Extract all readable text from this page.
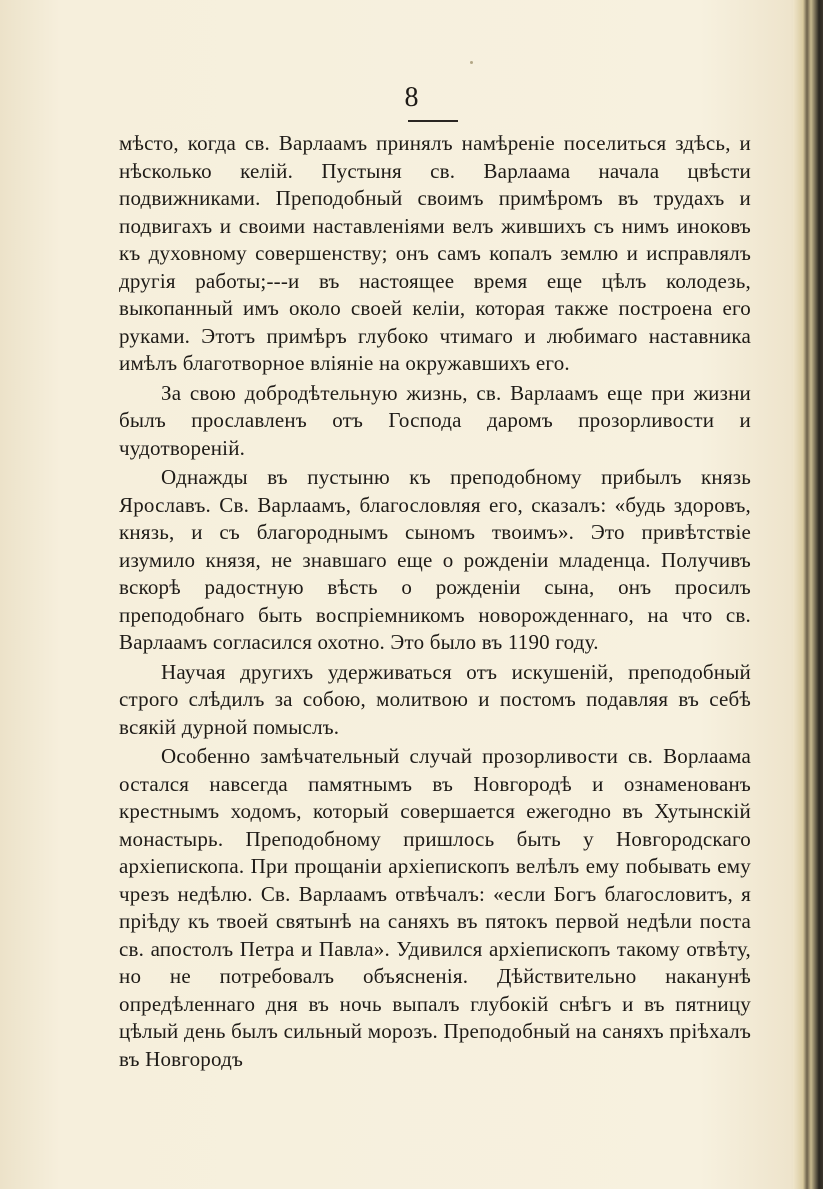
8

мѣсто, когда св. Варлаамъ принялъ намѣреніе поселиться здѣсь, и нѣсколько келій. Пустыня св. Варлаама начала цвѣсти подвижниками. Преподобный своимъ примѣромъ въ трудахъ и подвигахъ и своими наставленіями велъ жившихъ съ нимъ иноковъ къ духовному совершенству; онъ самъ копалъ землю и исправлялъ другія работы;---и въ настоящее время еще цѣлъ колодезь, выкопанный имъ около своей келіи, которая также построена его руками. Этотъ примѣръ глубоко чтимаго и любимаго наставника имѣлъ благотворное вліяніе на окружавшихъ его.

За свою добродѣтельную жизнь, св. Варлаамъ еще при жизни былъ прославленъ отъ Господа даромъ прозорливости и чудотвореній.

Однажды въ пустыню къ преподобному прибылъ князь Ярославъ. Св. Варлаамъ, благословляя его, сказалъ: «будь здоровъ, князь, и съ благороднымъ сыномъ твоимъ». Это привѣтствіе изумило князя, не знавшаго еще о рожденіи младенца. Получивъ вскорѣ радостную вѣсть о рожденіи сына, онъ просилъ преподобнаго быть воспріемникомъ новорожденнаго, на что св. Варлаамъ согласился охотно. Это было въ 1190 году.

Научая другихъ удерживаться отъ искушеній, преподобный строго слѣдилъ за собою, молитвою и постомъ подавляя въ себѣ всякій дурной помыслъ.

Особенно замѣчательный случай прозорливости св. Ворлаама остался навсегда памятнымъ въ Новгородѣ и ознаменованъ крестнымъ ходомъ, который совершается ежегодно въ Хутынскій монастырь. Преподобному пришлось быть у Новгородскаго архіепископа. При прощаніи архіепископъ велѣлъ ему побывать ему чрезъ недѣлю. Св. Варлаамъ отвѣчалъ: «если Богъ благословитъ, я пріѣду къ твоей святынѣ на саняхъ въ пятокъ первой недѣли поста св. апостолъ Петра и Павла». Удивился архіепископъ такому отвѣту, но не потребовалъ объясненія. Дѣйствительно наканунѣ опредѣленнаго дня въ ночь выпалъ глубокій снѣгъ и въ пятницу цѣлый день былъ сильный морозъ. Преподобный на саняхъ пріѣхалъ въ Новгородъ
